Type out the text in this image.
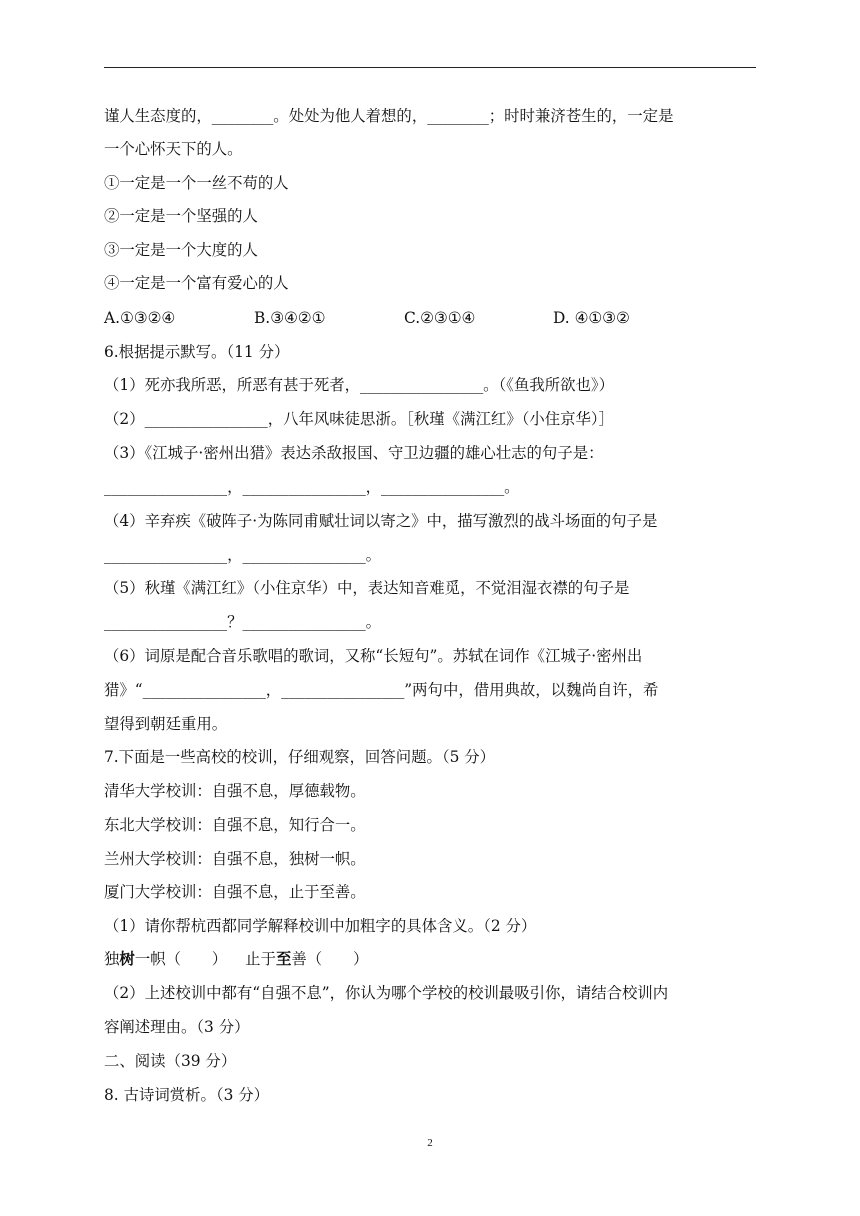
谨人生态度的，________。处处为他人着想的，________；时时兼济苍生的，一定是
一个心怀天下的人。
①一定是一个一丝不苟的人
②一定是一个坚强的人
③一定是一个大度的人
④一定是一个富有爱心的人
A.①③②④	B.③④②①	C.②③①④	D. ④①③②
6.根据提示默写。（11 分）
（1）死亦我所恶，所恶有甚于死者，________________。（《鱼我所欲也》）
（2）________________，八年风味徒思浙。［秋瑾《满江红》（小住京华）］
（3）《江城子·密州出猎》表达杀敌报国、守卫边疆的雄心壮志的句子是：
________________，________________，________________。
（4）辛弃疾《破阵子·为陈同甫赋壮词以寄之》中，描写激烈的战斗场面的句子是
________________，________________。
（5）秋瑾《满江红》（小住京华）中，表达知音难觅，不觉泪湿衣襟的句子是
________________？________________。
（6）词原是配合音乐歌唱的歌词，又称“长短句”。苏轼在词作《江城子·密州出
猎》“________________，________________”两句中，借用典故，以魏尚自许，希
望得到朝廷重用。
7.下面是一些高校的校训，仔细观察，回答问题。（5 分）
清华大学校训：自强不息，厚德载物。
东北大学校训：自强不息，知行合一。
兰州大学校训：自强不息，独树一帜。
厦门大学校训：自强不息，止于至善。
（1）请你帮杭西都同学解释校训中加粗字的具体含义。（2 分）
独树一帜（　　） 止于至善（　　）
（2）上述校训中都有“自强不息”，你认为哪个学校的校训最吸引你，请结合校训内
容阐述理由。（3 分）
二、阅读（39 分）
8. 古诗词赏析。（3 分）
2
